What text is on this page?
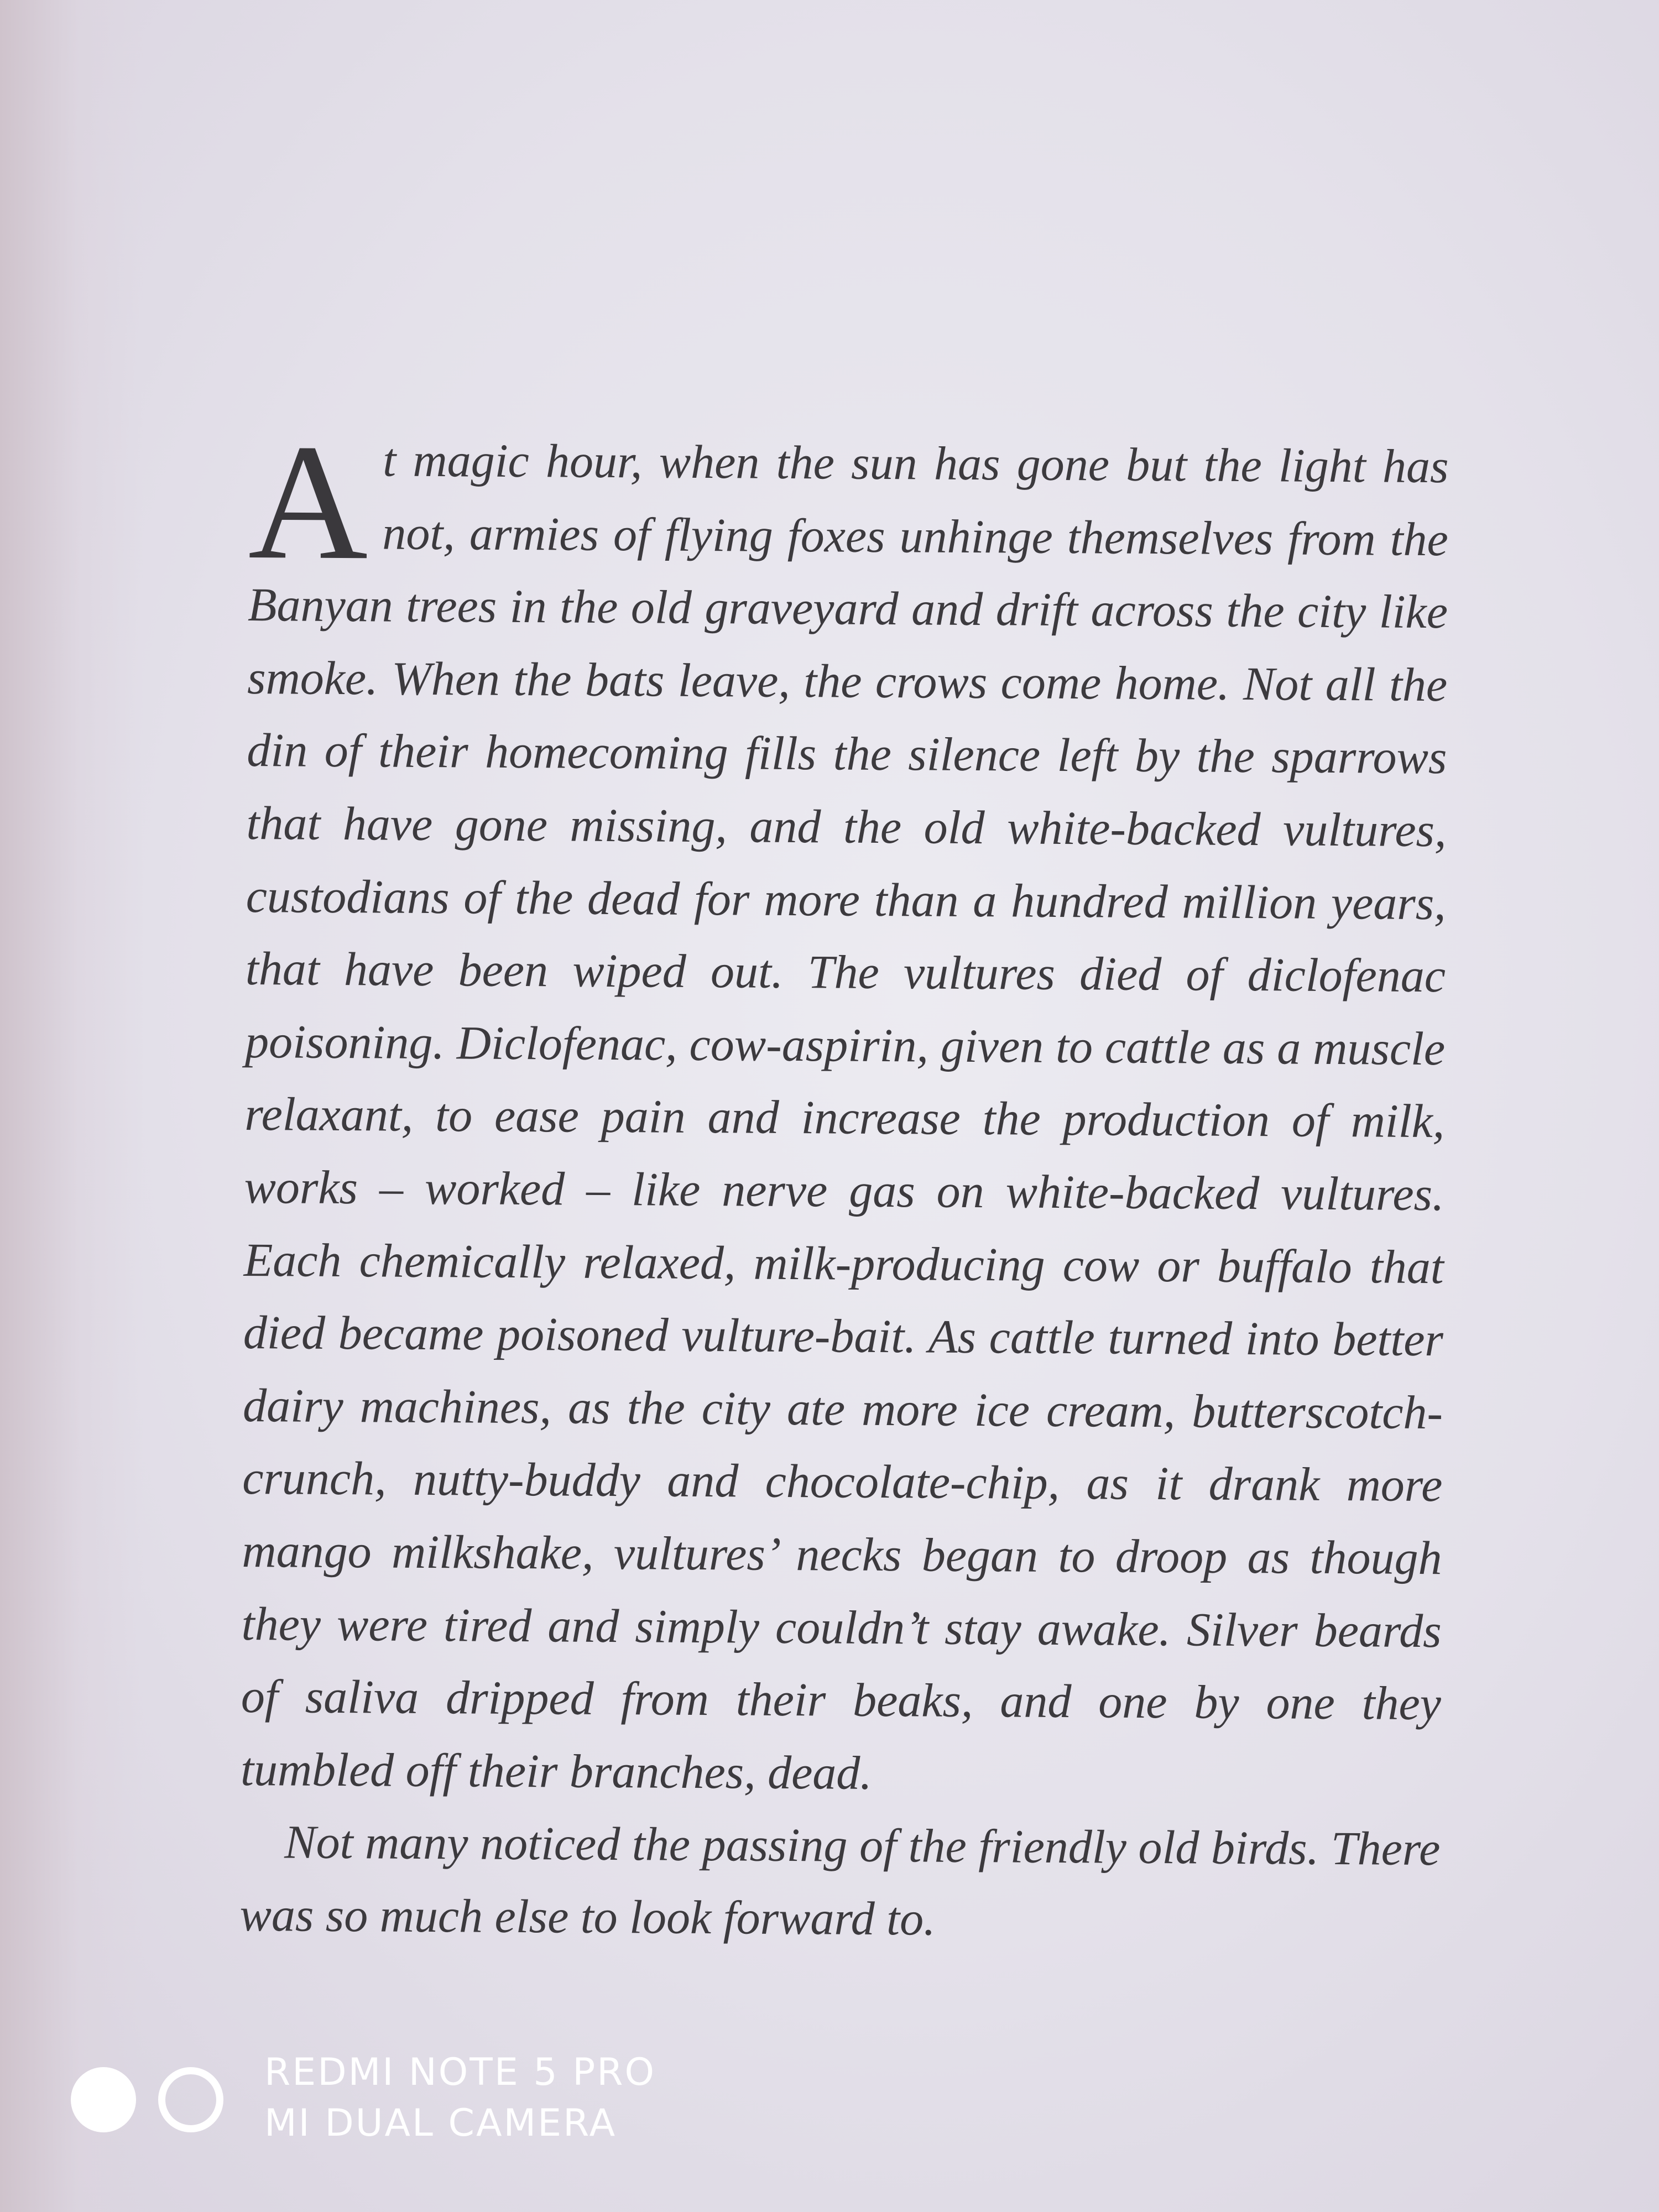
At magic hour, when the sun has gone but the light has not, armies of flying foxes unhinge themselves from the Banyan trees in the old graveyard and drift across the city like smoke. When the bats leave, the crows come home. Not all the din of their homecoming fills the silence left by the sparrows that have gone missing, and the old white-backed vultures, custodians of the dead for more than a hundred million years, that have been wiped out. The vultures died of diclofenac poisoning. Diclofenac, cow-aspirin, given to cattle as a muscle relaxant, to ease pain and increase the production of milk, works – worked – like nerve gas on white-backed vultures. Each chemically relaxed, milk-producing cow or buffalo that died became poisoned vulture-bait. As cattle turned into better dairy machines, as the city ate more ice cream, butterscotch-crunch, nutty-buddy and chocolate-chip, as it drank more mango milkshake, vultures’ necks began to droop as though they were tired and simply couldn’t stay awake. Silver beards of saliva dripped from their beaks, and one by one they tumbled off their branches, dead.

Not many noticed the passing of the friendly old birds. There was so much else to look forward to.

REDMI NOTE 5 PRO
MI DUAL CAMERA
